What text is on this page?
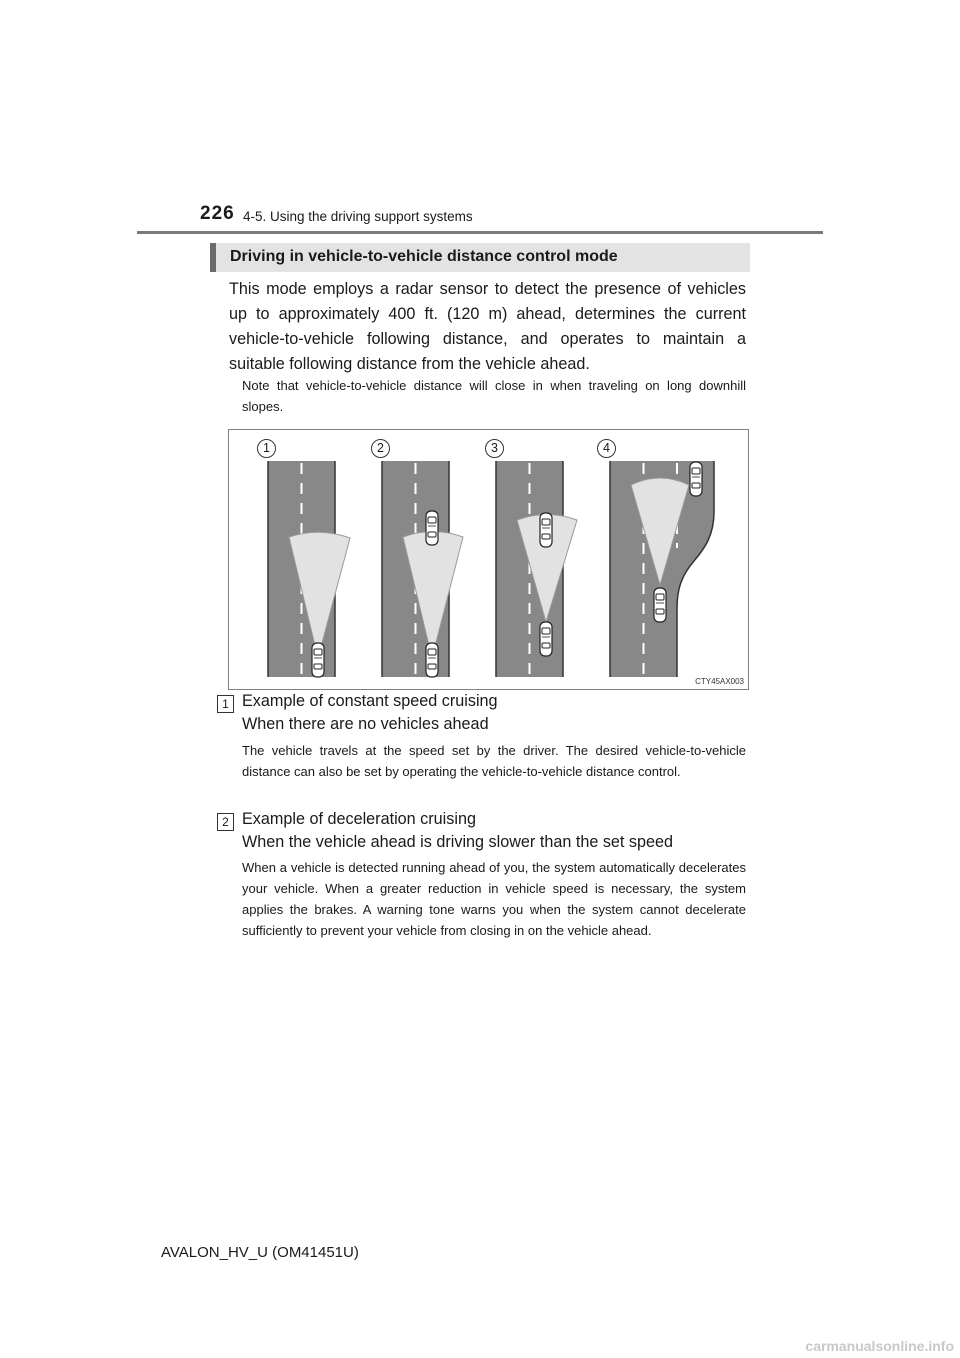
226 4-5. Using the driving support systems
Driving in vehicle-to-vehicle distance control mode

This mode employs a radar sensor to detect the presence of vehicles up to approximately 400 ft. (120 m) ahead, determines the current vehicle-to-vehicle following distance, and operates to maintain a suitable following distance from the vehicle ahead.

Note that vehicle-to-vehicle distance will close in when traveling on long downhill slopes.

1	2	3	4
CTY45AX003
1 Example of constant speed cruising

When there are no vehicles ahead

The vehicle travels at the speed set by the driver. The desired vehicle-to-vehicle distance can also be set by operating the vehicle-to-vehicle distance control.

2 Example of deceleration cruising

When the vehicle ahead is driving slower than the set speed

When a vehicle is detected running ahead of you, the system automatically decelerates your vehicle. When a greater reduction in vehicle speed is necessary, the system applies the brakes. A warning tone warns you when the system cannot decelerate sufficiently to prevent your vehicle from closing in on the vehicle ahead.

AVALON_HV_U (OM41451U)
carmanualsonline.info
